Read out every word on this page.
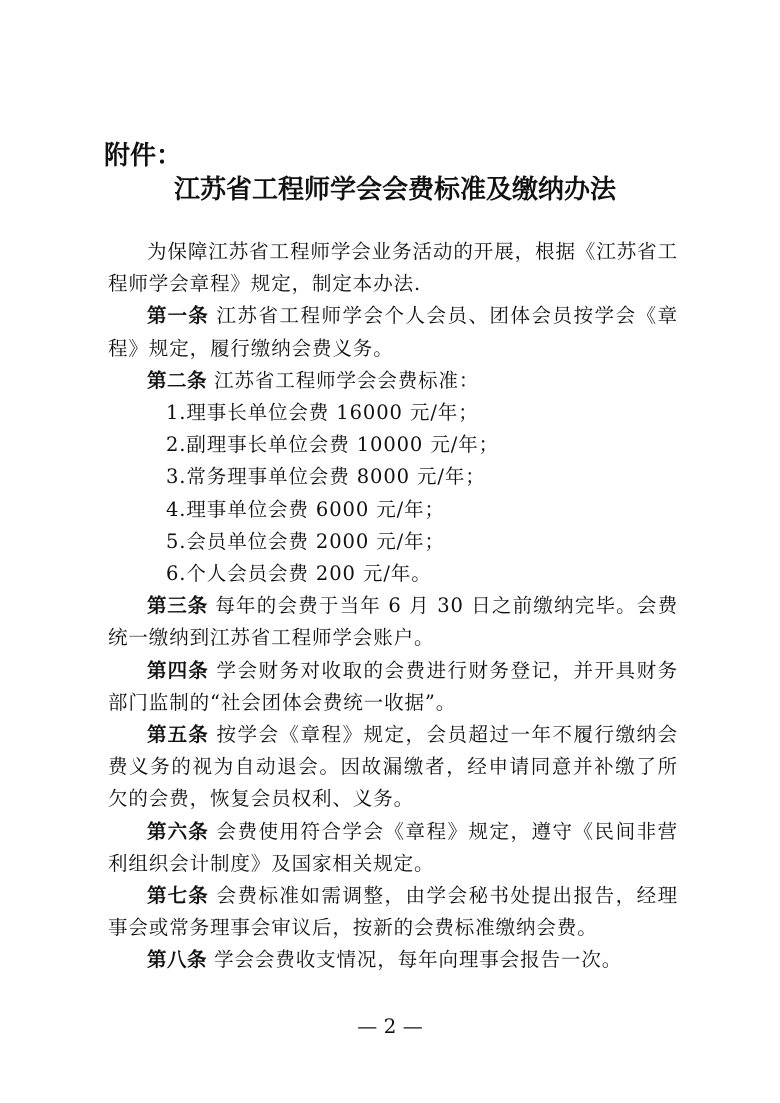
附件：
江苏省工程师学会会费标准及缴纳办法

为保障江苏省工程师学会业务活动的开展，根据《江苏省工程师学会章程》规定，制定本办法.

第一条 江苏省工程师学会个人会员、团体会员按学会《章程》规定，履行缴纳会费义务。

第二条 江苏省工程师学会会费标准：

1.理事长单位会费 16000 元/年；

2.副理事长单位会费 10000 元/年；

3.常务理事单位会费 8000 元/年；

4.理事单位会费 6000 元/年；

5.会员单位会费 2000 元/年；

6.个人会员会费 200 元/年。

第三条 每年的会费于当年 6 月 30 日之前缴纳完毕。会费统一缴纳到江苏省工程师学会账户。

第四条 学会财务对收取的会费进行财务登记，并开具财务部门监制的“社会团体会费统一收据”。

第五条 按学会《章程》规定，会员超过一年不履行缴纳会费义务的视为自动退会。因故漏缴者，经申请同意并补缴了所欠的会费，恢复会员权利、义务。

第六条 会费使用符合学会《章程》规定，遵守《民间非营利组织会计制度》及国家相关规定。

第七条 会费标准如需调整，由学会秘书处提出报告，经理事会或常务理事会审议后，按新的会费标准缴纳会费。

第八条 学会会费收支情况，每年向理事会报告一次。

— 2 —
